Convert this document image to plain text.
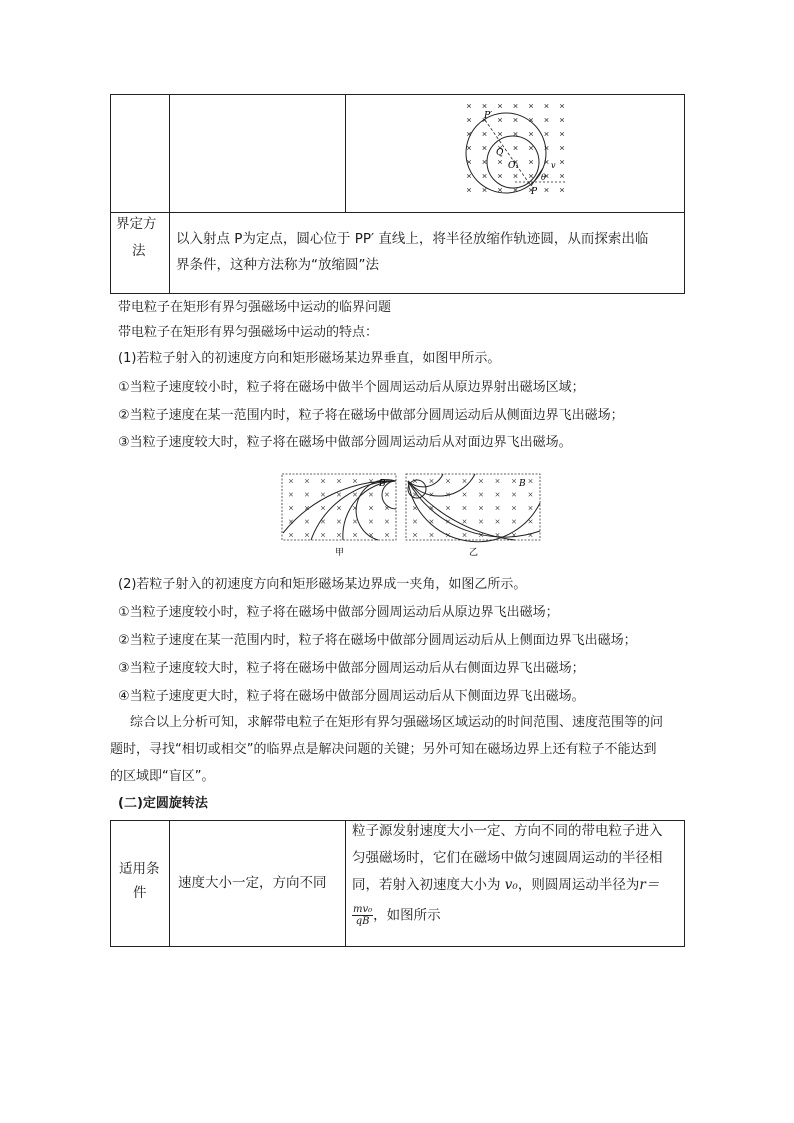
P′
Q
O₁	v
θ
P
界定方
法
以入射点 P为定点，圆心位于 PP′ 直线上，将半径放缩作轨迹圆，从而探索出临
界条件，这种方法称为“放缩圆”法
带电粒子在矩形有界匀强磁场中运动的临界问题
带电粒子在矩形有界匀强磁场中运动的特点：
(1)若粒子射入的初速度方向和矩形磁场某边界垂直，如图甲所示。
①当粒子速度较小时，粒子将在磁场中做半个圆周运动后从原边界射出磁场区域；
②当粒子速度在某一范围内时，粒子将在磁场中做部分圆周运动后从侧面边界飞出磁场；
③当粒子速度较大时，粒子将在磁场中做部分圆周运动后从对面边界飞出磁场。
B
甲
B
乙
(2)若粒子射入的初速度方向和矩形磁场某边界成一夹角，如图乙所示。
①当粒子速度较小时，粒子将在磁场中做部分圆周运动后从原边界飞出磁场；
②当粒子速度在某一范围内时，粒子将在磁场中做部分圆周运动后从上侧面边界飞出磁场；
③当粒子速度较大时，粒子将在磁场中做部分圆周运动后从右侧面边界飞出磁场；
④当粒子速度更大时，粒子将在磁场中做部分圆周运动后从下侧面边界飞出磁场。
综合以上分析可知，求解带电粒子在矩形有界匀强磁场区域运动的时间范围、速度范围等的问
题时，寻找“相切或相交”的临界点是解决问题的关键；另外可知在磁场边界上还有粒子不能达到
的区域即“盲区”。
(二)定圆旋转法
适用条
件
速度大小一定，方向不同
粒子源发射速度大小一定、方向不同的带电粒子进入
匀强磁场时，它们在磁场中做匀速圆周运动的半径相
同，若射入初速度大小为 v₀，则圆周运动半径为r＝
$\frac{\text{mv₀}}{qB}$ ，如图所示
